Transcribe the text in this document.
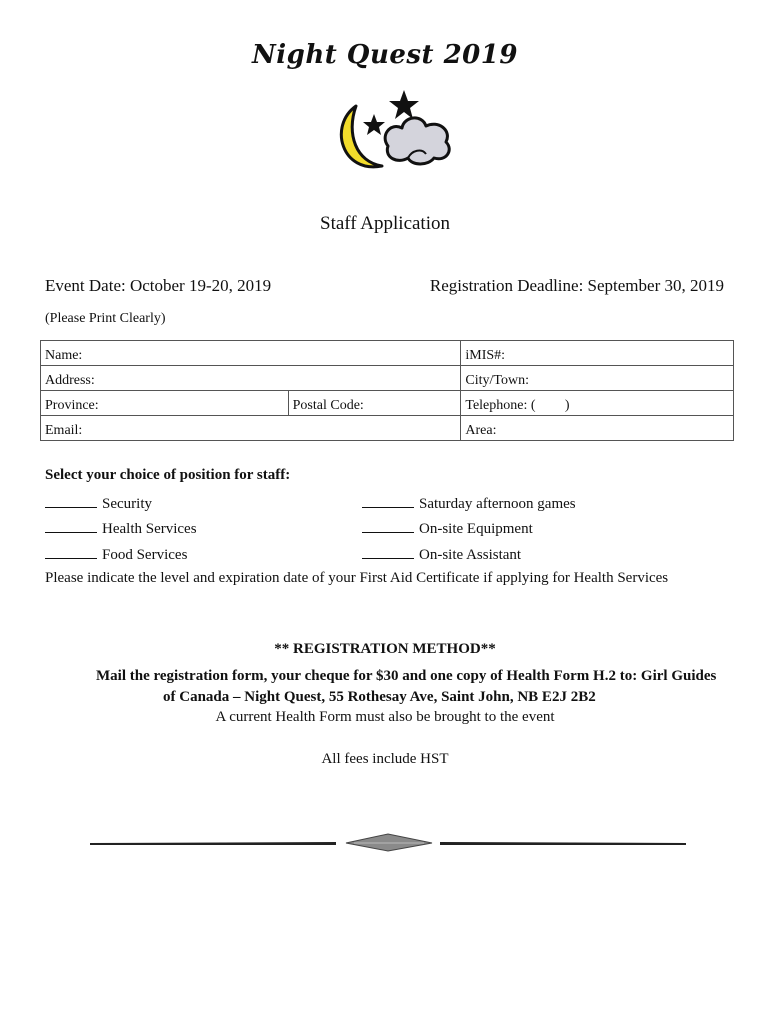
Night Quest 2019
Staff Application
Event Date: October 19-20, 2019	Registration Deadline: September 30, 2019
(Please Print Clearly)
Name:		iMIS#:
Address:		City/Town:
Province:	Postal Code:	Telephone: ( )
Email:		Area:
Select your choice of position for staff:
Security
Health Services
Food Services
Saturday afternoon games
On-site Equipment
On-site Assistant
Please indicate the level and expiration date of your First Aid Certificate if applying for Health Services
** REGISTRATION METHOD**
Mail the registration form, your cheque for $30 and one copy of Health Form H.2 to: Girl Guides
of Canada – Night Quest, 55 Rothesay Ave, Saint John, NB E2J 2B2
A current Health Form must also be brought to the event
All fees include HST
